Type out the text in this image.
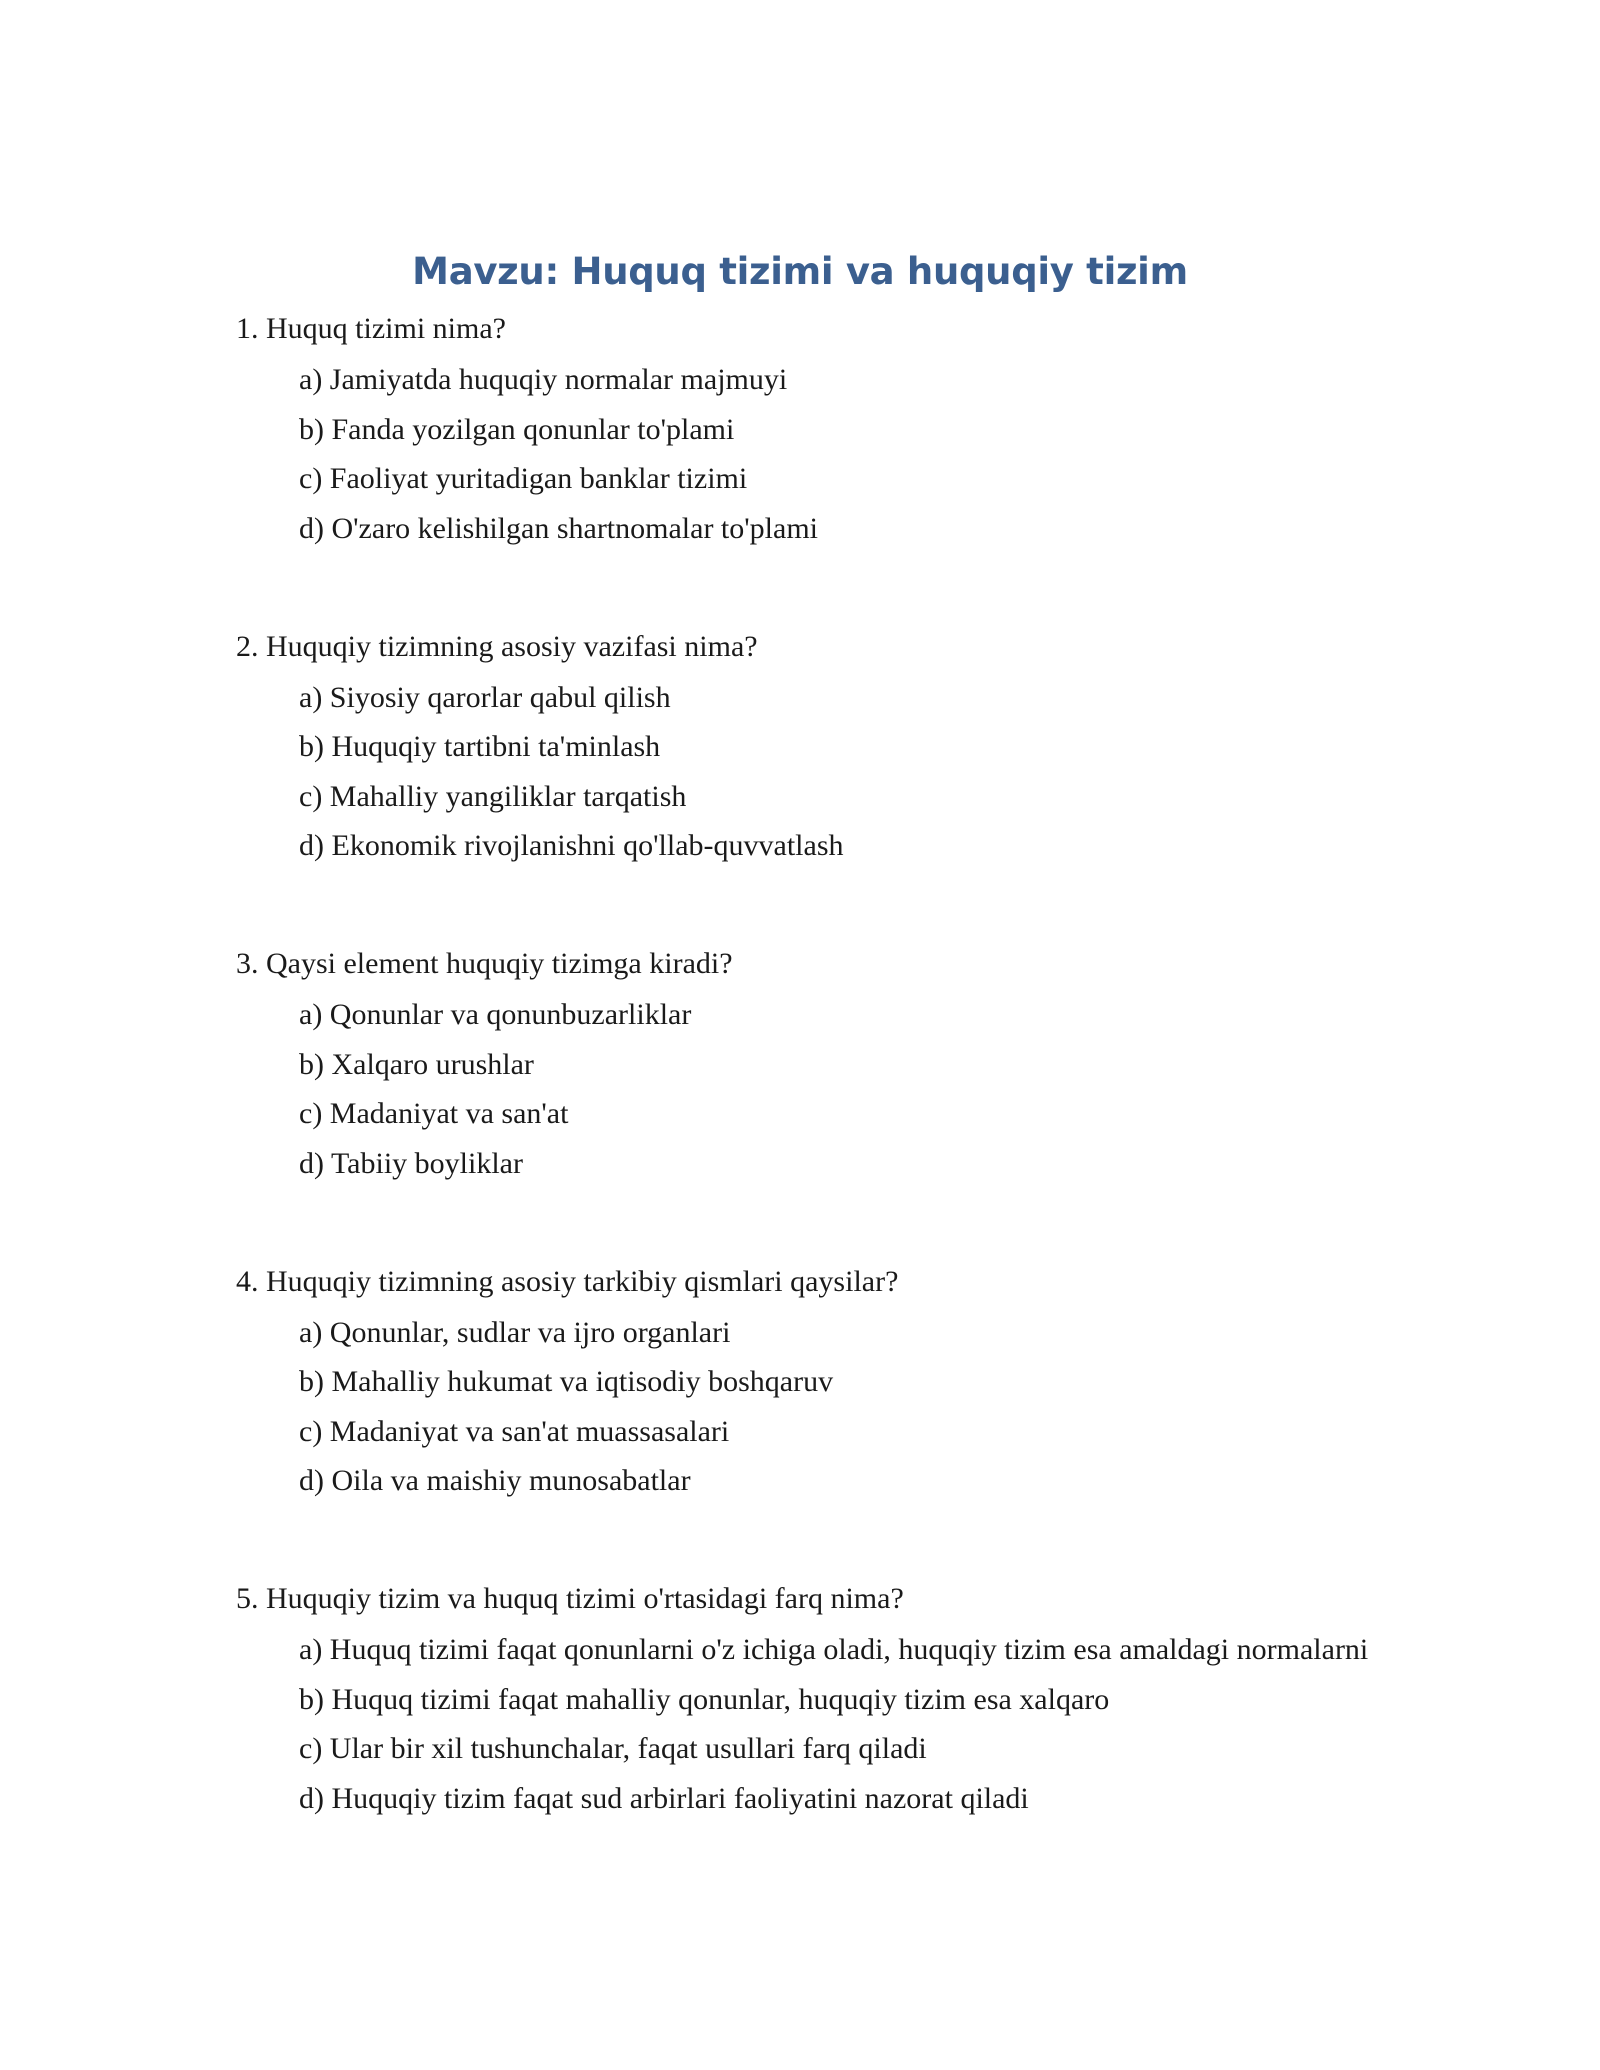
Mavzu: Huquq tizimi va huquqiy tizim
1. Huquq tizimi nima?
a) Jamiyatda huquqiy normalar majmuyi
b) Fanda yozilgan qonunlar to'plami
c) Faoliyat yuritadigan banklar tizimi
d) O'zaro kelishilgan shartnomalar to'plami
2. Huquqiy tizimning asosiy vazifasi nima?
a) Siyosiy qarorlar qabul qilish
b) Huquqiy tartibni ta'minlash
c) Mahalliy yangiliklar tarqatish
d) Ekonomik rivojlanishni qo'llab-quvvatlash
3. Qaysi element huquqiy tizimga kiradi?
a) Qonunlar va qonunbuzarliklar
b) Xalqaro urushlar
c) Madaniyat va san'at
d) Tabiiy boyliklar
4. Huquqiy tizimning asosiy tarkibiy qismlari qaysilar?
a) Qonunlar, sudlar va ijro organlari
b) Mahalliy hukumat va iqtisodiy boshqaruv
c) Madaniyat va san'at muassasalari
d) Oila va maishiy munosabatlar
5. Huquqiy tizim va huquq tizimi o'rtasidagi farq nima?
a) Huquq tizimi faqat qonunlarni o'z ichiga oladi, huquqiy tizim esa amaldagi normalarni
b) Huquq tizimi faqat mahalliy qonunlar, huquqiy tizim esa xalqaro
c) Ular bir xil tushunchalar, faqat usullari farq qiladi
d) Huquqiy tizim faqat sud arbirlari faoliyatini nazorat qiladi
